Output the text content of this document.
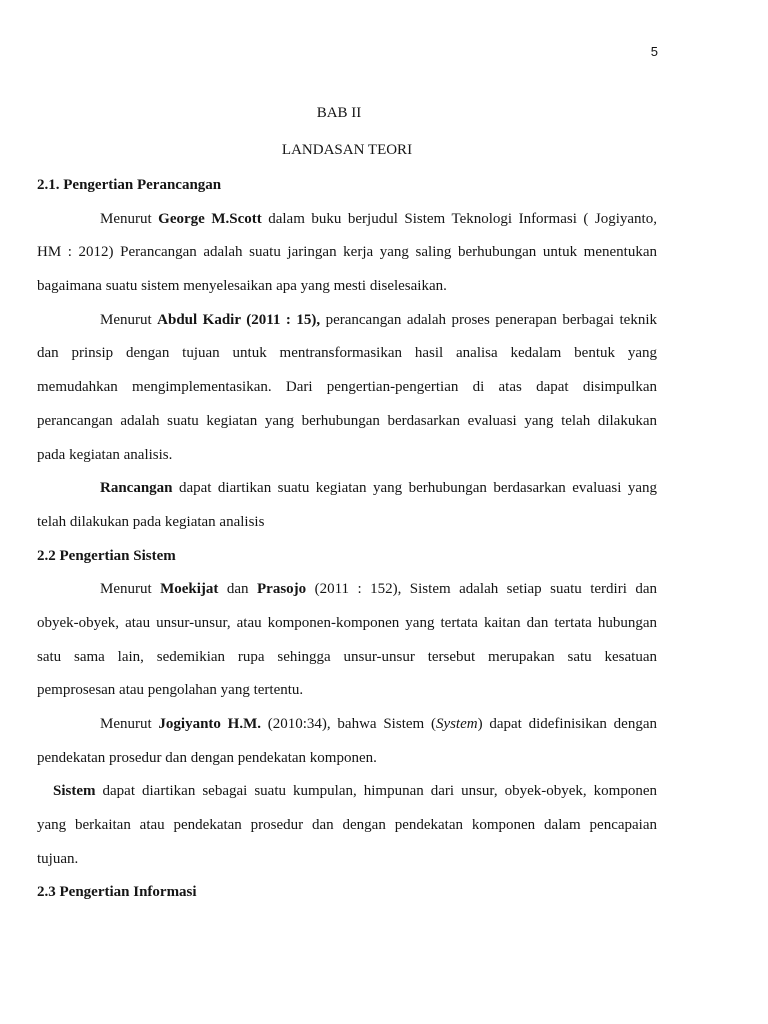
5
BAB II
LANDASAN TEORI
2.1. Pengertian Perancangan
Menurut George M.Scott dalam buku berjudul Sistem Teknologi Informasi ( Jogiyanto,
HM : 2012) Perancangan adalah suatu jaringan kerja yang saling berhubungan untuk menentukan
bagaimana suatu sistem menyelesaikan apa yang mesti diselesaikan.
Menurut Abdul Kadir (2011 : 15), perancangan adalah proses penerapan berbagai teknik
dan prinsip dengan tujuan untuk mentransformasikan hasil analisa kedalam bentuk yang
memudahkan mengimplementasikan. Dari pengertian-pengertian di atas dapat disimpulkan
perancangan adalah suatu kegiatan yang berhubungan berdasarkan evaluasi yang telah dilakukan
pada kegiatan analisis.
Rancangan dapat diartikan suatu kegiatan yang berhubungan berdasarkan evaluasi yang
telah dilakukan pada kegiatan analisis
2.2 Pengertian Sistem
Menurut Moekijat dan Prasojo (2011 : 152), Sistem adalah setiap suatu terdiri dan
obyek-obyek, atau unsur-unsur, atau komponen-komponen yang tertata kaitan dan tertata hubungan
satu sama lain, sedemikian rupa sehingga unsur-unsur tersebut merupakan satu kesatuan
pemprosesan atau pengolahan yang tertentu.
Menurut Jogiyanto H.M. (2010:34), bahwa Sistem (System) dapat didefinisikan dengan
pendekatan prosedur dan dengan pendekatan komponen.
Sistem dapat diartikan sebagai suatu kumpulan, himpunan dari unsur, obyek-obyek, komponen
yang berkaitan atau pendekatan prosedur dan dengan pendekatan komponen dalam pencapaian
tujuan.
2.3 Pengertian Informasi
